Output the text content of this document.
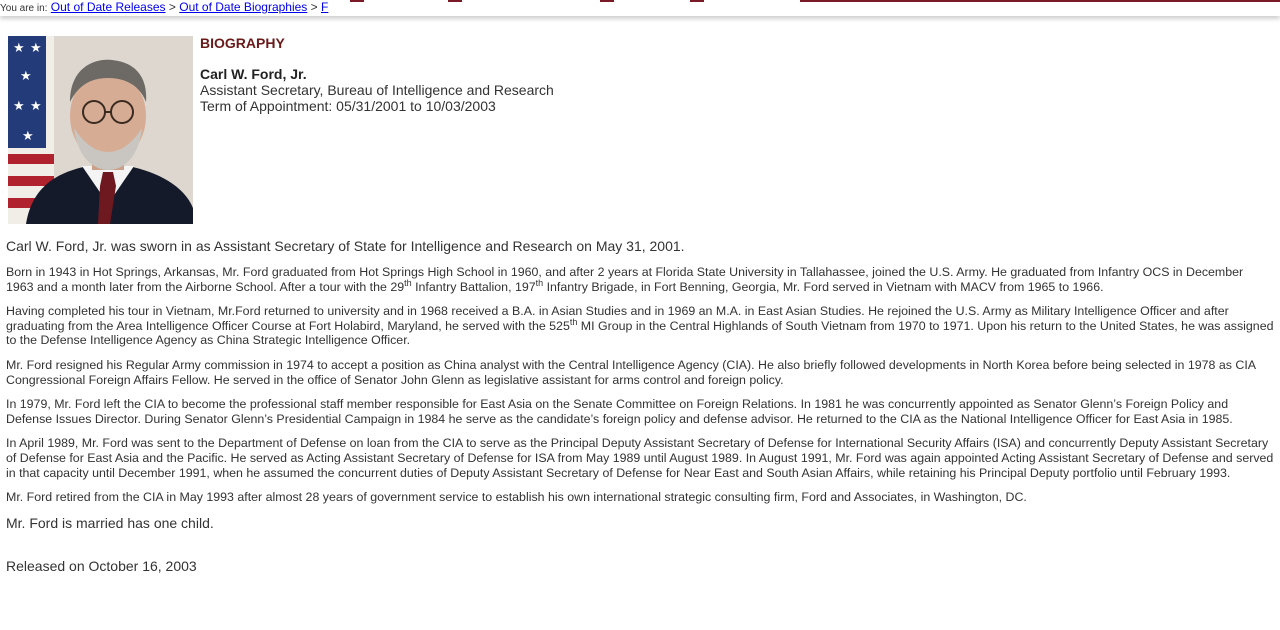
You are in: Out of Date Releases > Out of Date Biographies > F
★ ★
★
★ ★
★
BIOGRAPHY
Carl W. Ford, Jr.
Assistant Secretary, Bureau of Intelligence and Research
Term of Appointment: 05/31/2001 to 10/03/2003

Carl W. Ford, Jr. was sworn in as Assistant Secretary of State for Intelligence and Research on May 31, 2001.

Born in 1943 in Hot Springs, Arkansas, Mr. Ford graduated from Hot Springs High School in 1960, and after 2 years at Florida State University in Tallahassee, joined the U.S. Army. He graduated from Infantry OCS in December 1963 and a month later from the Airborne School. After a tour with the 29th Infantry Battalion, 197th Infantry Brigade, in Fort Benning, Georgia, Mr. Ford served in Vietnam with MACV from 1965 to 1966.

Having completed his tour in Vietnam, Mr.Ford returned to university and in 1968 received a B.A. in Asian Studies and in 1969 an M.A. in East Asian Studies. He rejoined the U.S. Army as Military Intelligence Officer and after graduating from the Area Intelligence Officer Course at Fort Holabird, Maryland, he served with the 525th MI Group in the Central Highlands of South Vietnam from 1970 to 1971. Upon his return to the United States, he was assigned to the Defense Intelligence Agency as China Strategic Intelligence Officer.

Mr. Ford resigned his Regular Army commission in 1974 to accept a position as China analyst with the Central Intelligence Agency (CIA). He also briefly followed developments in North Korea before being selected in 1978 as CIA Congressional Foreign Affairs Fellow. He served in the office of Senator John Glenn as legislative assistant for arms control and foreign policy.

In 1979, Mr. Ford left the CIA to become the professional staff member responsible for East Asia on the Senate Committee on Foreign Relations. In 1981 he was concurrently appointed as Senator Glenn’s Foreign Policy and Defense Issues Director. During Senator Glenn’s Presidential Campaign in 1984 he serve as the candidate’s foreign policy and defense advisor. He returned to the CIA as the National Intelligence Officer for East Asia in 1985.

In April 1989, Mr. Ford was sent to the Department of Defense on loan from the CIA to serve as the Principal Deputy Assistant Secretary of Defense for International Security Affairs (ISA) and concurrently Deputy Assistant Secretary of Defense for East Asia and the Pacific. He served as Acting Assistant Secretary of Defense for ISA from May 1989 until August 1989. In August 1991, Mr. Ford was again appointed Acting Assistant Secretary of Defense and served in that capacity until December 1991, when he assumed the concurrent duties of Deputy Assistant Secretary of Defense for Near East and South Asian Affairs, while retaining his Principal Deputy portfolio until February 1993.

Mr. Ford retired from the CIA in May 1993 after almost 28 years of government service to establish his own international strategic consulting firm, Ford and Associates, in Washington, DC.

Mr. Ford is married has one child.

Released on October 16, 2003
